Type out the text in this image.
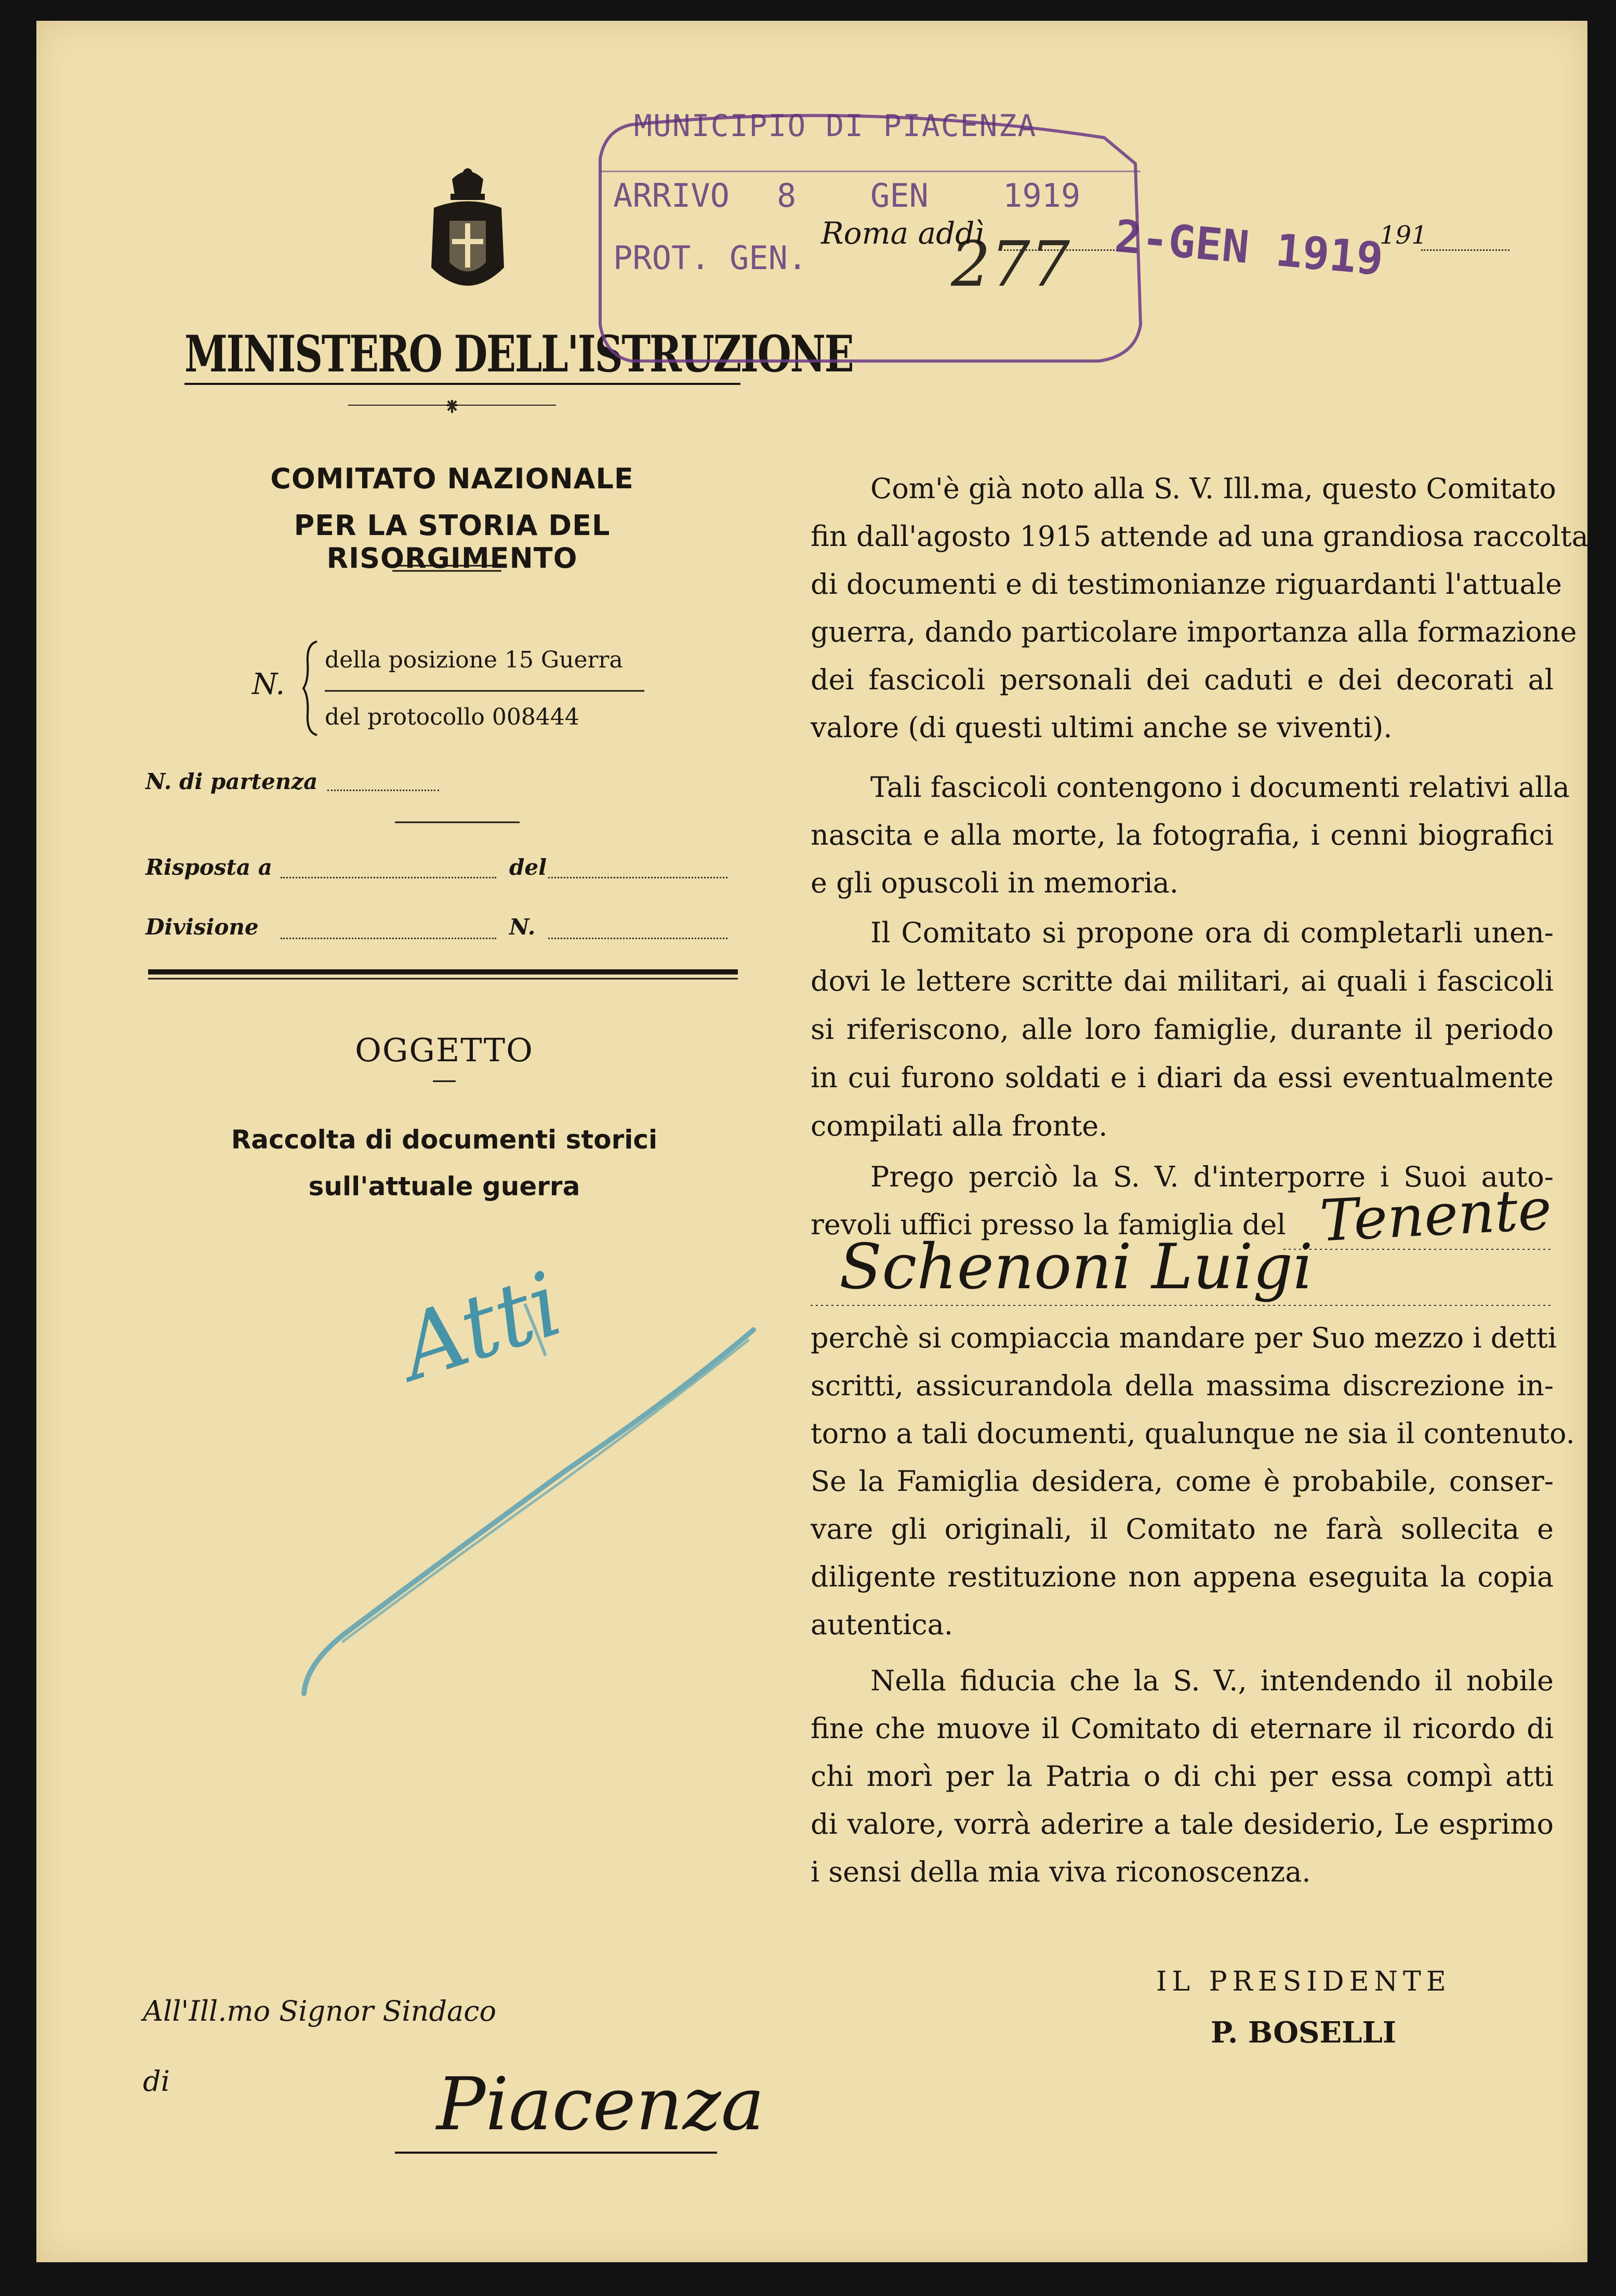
MINISTERO DELL'ISTRUZIONE
COMITATO NAZIONALE
PER LA STORIA DEL RISORGIMENTO
N.
della posizione 15 Guerra
del protocollo 008444
N. di partenza
Risposta a	del
Divisione	N.
OGGETTO
—
Raccolta di documenti storici
sull'attuale guerra
Atti
MUNICIPIO DI PIACENZA
ARRIVO 8 GEN 1919
PROT. GEN. 277
Roma addì	2-GEN 1919
191
Com'è già noto alla S. V. Ill.ma, questo Comitato
fin dall'agosto 1915 attende ad una grandiosa raccolta
di documenti e di testimonianze riguardanti l'attuale
guerra, dando particolare importanza alla formazione
dei fascicoli personali dei caduti e dei decorati al
valore (di questi ultimi anche se viventi).
Tali fascicoli contengono i documenti relativi alla
nascita e alla morte, la fotografia, i cenni biografici
e gli opuscoli in memoria.
Il Comitato si propone ora di completarli unen-
dovi le lettere scritte dai militari, ai quali i fascicoli
si riferiscono, alle loro famiglie, durante il periodo
in cui furono soldati e i diari da essi eventualmente
compilati alla fronte.
Prego perciò la S. V. d'interporre i Suoi auto-
revoli uffici presso la famiglia del Tenente
Schenoni Luigi
perchè si compiaccia mandare per Suo mezzo i detti
scritti, assicurandola della massima discrezione in-
torno a tali documenti, qualunque ne sia il contenuto.
Se la Famiglia desidera, come è probabile, conser-
vare gli originali, il Comitato ne farà sollecita e
diligente restituzione non appena eseguita la copia
autentica.
Nella fiducia che la S. V., intendendo il nobile
fine che muove il Comitato di eternare il ricordo di
chi morì per la Patria o di chi per essa compì atti
di valore, vorrà aderire a tale desiderio, Le esprimo
i sensi della mia viva riconoscenza.
IL PRESIDENTE
P. BOSELLI
All'Ill.mo Signor Sindaco
di	Piacenza
